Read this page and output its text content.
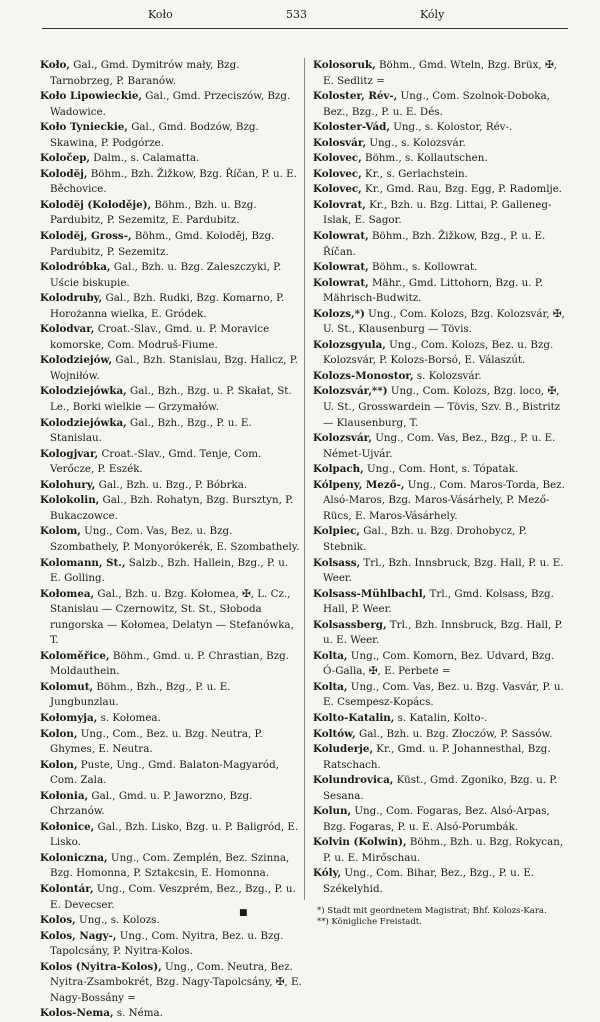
Koło	533	Kóly

Koło, Gal., Gmd. Dymitrów mały, Bzg. Tarnobrzeg, P. Baranów.

Koło Lipowieckie, Gal., Gmd. Przeciszów, Bzg. Wadowice.

Koło Tynieckie, Gal., Gmd. Bodzów, Bzg. Skawina, P. Podgórze.

Koločep, Dalm., s. Calamatta.

Kolodĕj, Böhm., Bzh. Žižkow, Bzg. Říčan, P. u. E. Běchovice.

Kolodĕj (Koloděje), Böhm., Bzh. u. Bzg. Pardubitz, P. Sezemitz, E. Pardubitz.

Kolodĕj, Gross-, Böhm., Gmd. Kolodĕj, Bzg. Pardubitz, P. Sezemitz.

Kolodróbka, Gal., Bzh. u. Bzg. Zaleszczyki, P. Uście biskupie.

Kolodruby, Gal., Bzh. Rudki, Bzg. Komarno, P. Horożanna wielka, E. Gródek.

Kolodvar, Croat.-Slav., Gmd. u. P. Moravice komorske, Com. Modruš-Fiume.

Kolodziejów, Gal., Bzh. Stanislau, Bzg. Halicz, P. Wojniłów.

Kolodziejówka, Gal., Bzh., Bzg. u. P. Skałat, St. Le., Borki wielkie — Grzymałów.

Kolodziejówka, Gal., Bzh., Bzg., P. u. E. Stanislau.

Kologjvar, Croat.-Slav., Gmd. Tenje, Com. Verőcze, P. Eszék.

Kolohury, Gal., Bzh. u. Bzg., P. Bóbrka.

Kolokolin, Gal., Bzh. Rohatyn, Bzg. Bursztyn, P. Bukaczowce.

Kolom, Ung., Com. Vas, Bez. u. Bzg. Szombathely, P. Monyorókerék, E. Szombathely.

Kolomann, St., Salzb., Bzh. Hallein, Bzg., P. u. E. Golling.

Kołomea, Gal., Bzh. u. Bzg. Kołomea, ✠, L. Cz., Stanislau — Czernowitz, St. St., Słoboda rungorska — Kołomea, Delatyn — Stefanówka, T.

Koloměřice, Böhm., Gmd. u. P. Chrastian, Bzg. Moldauthein.

Kolomut, Böhm., Bzh., Bzg., P. u. E. Jungbunzlau.

Kołomyja, s. Kołomea.

Kolon, Ung., Com., Bez. u. Bzg. Neutra, P. Ghymes, E. Neutra.

Kolon, Puste, Ung., Gmd. Balaton-Magyaród, Com. Zala.

Kołonia, Gal., Gmd. u. P. Jaworzno, Bzg. Chrzanów.

Kołonice, Gal., Bzh. Lisko, Bzg. u. P. Baligród, E. Lisko.

Koloniczna, Ung., Com. Zemplén, Bez. Szinna, Bzg. Homonna, P. Sztakcsin, E. Homonna.

Kolontár, Ung., Com. Veszprém, Bez., Bzg., P. u. E. Devecser.

Kolos, Ung., s. Kolozs.

Kolos, Nagy-, Ung., Com. Nyitra, Bez. u. Bzg. Tapolcsány, P. Nyitra-Kolos.

Kolos (Nyitra-Kolos), Ung., Com. Neutra, Bez. Nyitra-Zsambokrét, Bzg. Nagy-Tapolcsány, ✠, E. Nagy-Bossány =

Kolos-Nema, s. Néma.

Kolosoruk, Böhm., Gmd. Wteln, Bzg. Brüx, ✠, E. Sedlitz =

Koloster, Rév-, Ung., Com. Szolnok-Doboka, Bez., Bzg., P. u. E. Dés.

Koloster-Vád, Ung., s. Kolostor, Rév-.

Kolosvár, Ung., s. Kolozsvár.

Kolovec, Böhm., s. Kollautschen.

Kolovec, Kr., s. Gerlachstein.

Kolovec, Kr., Gmd. Rau, Bzg. Egg, P. Radomlje.

Kolovrat, Kr., Bzh. u. Bzg. Littai, P. Galleneg-Islak, E. Sagor.

Kolowrat, Böhm., Bzh. Žižkow, Bzg., P. u. E. Říčan.

Kolowrat, Böhm., s. Kollowrat.

Kolowrat, Mähr., Gmd. Littohorn, Bzg. u. P. Mährisch-Budwitz.

Kolozs,*) Ung., Com. Kolozs, Bzg. Kolozsvár, ✠, U. St., Klausenburg — Tövis.

Kolozsgyula, Ung., Com. Kolozs, Bez. u. Bzg. Kolozsvár, P. Kolozs-Borsó, E. Válaszút.

Kolozs-Monostor, s. Kolozsvár.

Kolozsvár,**) Ung., Com. Kolozs, Bzg. loco, ✠, U. St., Grosswardein — Tövis, Szv. B., Bistritz — Klausenburg, T.

Kolozsvár, Ung., Com. Vas, Bez., Bzg., P. u. E. Német-Ujvár.

Kolpach, Ung., Com. Hont, s. Tópatak.

Kólpeny, Mező-, Ung., Com. Maros-Torda, Bez. Alsó-Maros, Bzg. Maros-Vásárhely, P. Mező-Rücs, E. Maros-Vásárhely.

Kolpiec, Gal., Bzh. u. Bzg. Drohobycz, P. Stebnik.

Kolsass, Trl., Bzh. Innsbruck, Bzg. Hall, P. u. E. Weer.

Kolsass-Mühlbachl, Trl., Gmd. Kolsass, Bzg. Hall, P. Weer.

Kolsassberg, Trl., Bzh. Innsbruck, Bzg. Hall, P. u. E. Weer.

Kolta, Ung., Com. Komorn, Bez. Udvard, Bzg. Ó-Galla, ✠, E. Perbete =

Kolta, Ung., Com. Vas, Bez. u. Bzg. Vasvár, P. u. E. Csempesz-Kopács.

Kolto-Katalin, s. Katalin, Kolto-.

Koltów, Gal., Bzh. u. Bzg. Złoczów, P. Sassów.

Koluderje, Kr., Gmd. u. P. Johannesthal, Bzg. Ratschach.

Kolundrovica, Küst., Gmd. Zgoniko, Bzg. u. P. Sesana.

Kolun, Ung., Com. Fogaras, Bez. Alsó-Arpas, Bzg. Fogaras, P. u. E. Alsó-Porumbák.

Kolvin (Kolwin), Böhm., Bzh. u. Bzg. Rokycan, P. u. E. Mirőschau.

Kóly, Ung., Com. Bihar, Bez., Bzg., P. u. E. Székelyhid.

*) Stadt mit geordnetem Magistrat; Bhf. Kolozs-Kara.

**) Königliche Freistadt.

■
